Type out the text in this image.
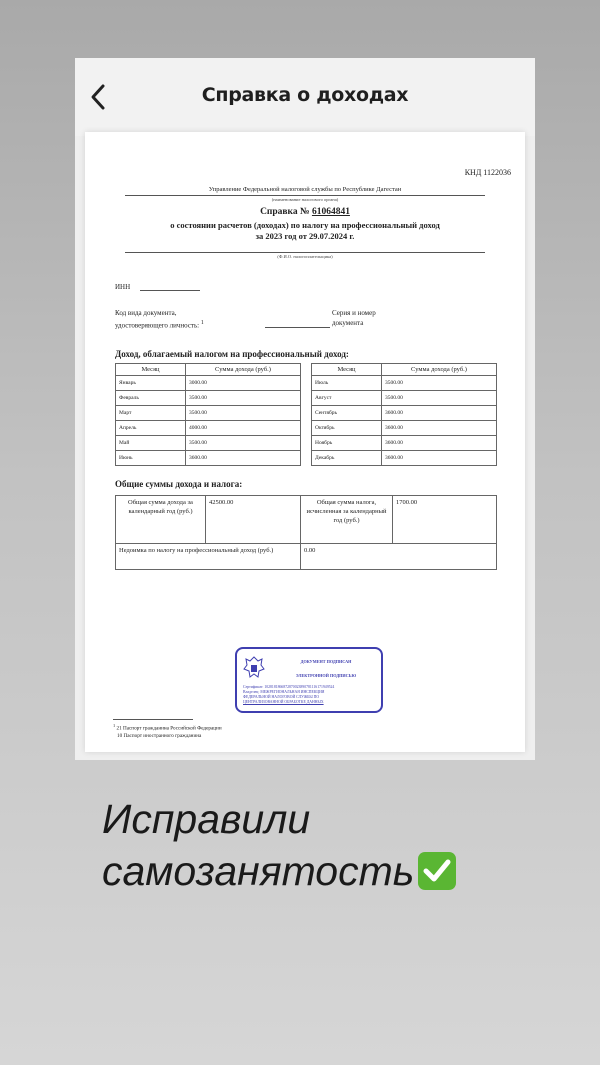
Справка о доходах
КНД 1122036
Управление Федеральной налоговой службы по Республике Дагестан
(наименование налогового органа)
Справка № 61064841
о состоянии расчетов (доходах) по налогу на профессиональный доход
за 2023 год от 29.07.2024 г.
(Ф.И.О. налогоплательщика)
ИНН
Код вида документа,
удостоверяющего личность: $^1$
Серия и номер
документа
Доход, облагаемый налогом на профессиональный доход:
Месяц	Сумма дохода (руб.)
Январь	3000.00
Февраль	3500.00
Март	3500.00
Апрель	4000.00
Май	3500.00
Июнь	3600.00
Месяц	Сумма дохода (руб.)
Июль	3500.00
Август	3500.00
Сентябрь	3600.00
Октябрь	3600.00
Ноябрь	3600.00
Декабрь	3600.00
Общие суммы дохода и налога:
Общая сумма дохода за календарный год (руб.)	42500.00	Общая сумма налога, исчисленная за календарный год (руб.)	1700.00
Недоимка по налогу на профессиональный доход (руб.)		0.00	
ДОКУМЕНТ ПОДПИСАН
ЭЛЕКТРОННОЙ ПОДПИСЬЮ
Сертификат: 1028181866872870023890781116171949524
Владелец: МЕЖРЕГИОНАЛЬНАЯ ИНСПЕКЦИЯ
ФЕДЕРАЛЬНОЙ НАЛОГОВОЙ СЛУЖБЫ ПО
ЦЕНТРАЛИЗОВАННОЙ ОБРАБОТКЕ ДАННЫХ
$^1$ 21 Паспорт гражданина Российской Федерации
10 Паспорт иностранного гражданина
Исправили
самозанятость
